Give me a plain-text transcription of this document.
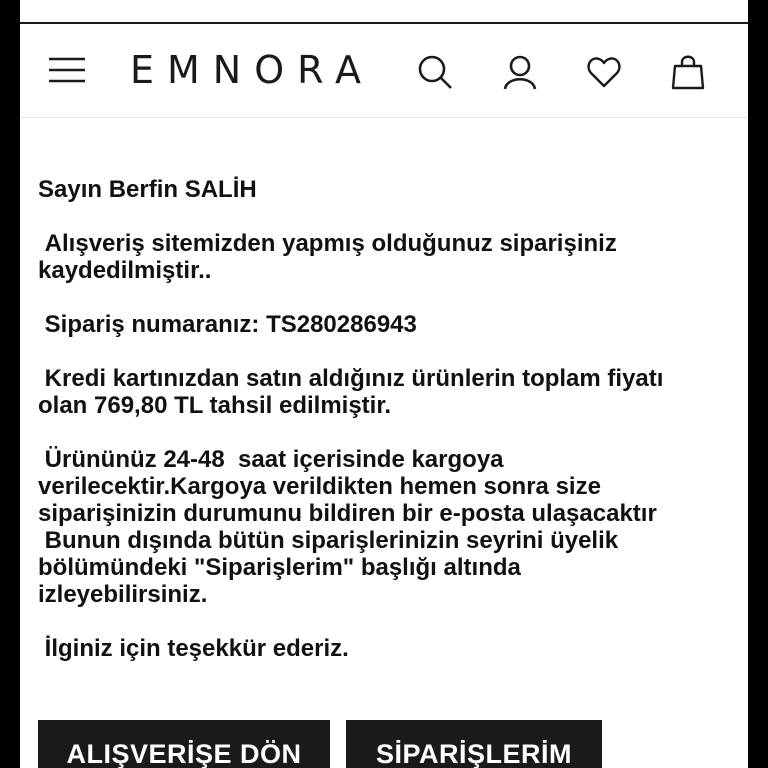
EMNORA

Sayın Berfin SALİH

Alışveriş sitemizden yapmış olduğunuz siparişiniz
kaydedilmiştir..

Sipariş numaranız: TS280286943

Kredi kartınızdan satın aldığınız ürünlerin toplam fiyatı
olan 769,80 TL tahsil edilmiştir.

Ürününüz 24-48  saat içerisinde kargoya
verilecektir.Kargoya verildikten hemen sonra size
siparişinizin durumunu bildiren bir e-posta ulaşacaktır
Bunun dışında bütün siparişlerinizin seyrini üyelik
bölümündeki "Siparişlerim" başlığı altında
izleyebilirsiniz.

İlginiz için teşekkür ederiz.

ALIŞVERİŞE DÖN	SİPARİŞLERİM
